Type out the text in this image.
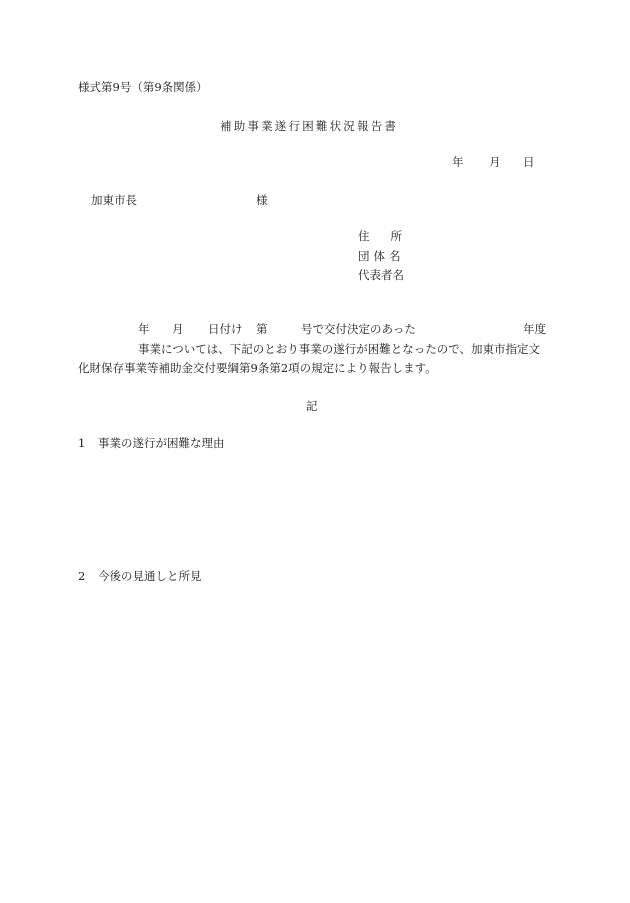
様式第9号（第9条関係）
補助事業遂行困難状況報告書
年 月 日
加東市長	様
住 所
団体名
代表者名
年 月 日付け 第	号で交付決定のあった	年度
事業については、下記のとおり事業の遂行が困難となったので、加東市指定文
化財保存事業等補助金交付要綱第9条第2項の規定により報告します。
記
1 事業の遂行が困難な理由
2 今後の見通しと所見
